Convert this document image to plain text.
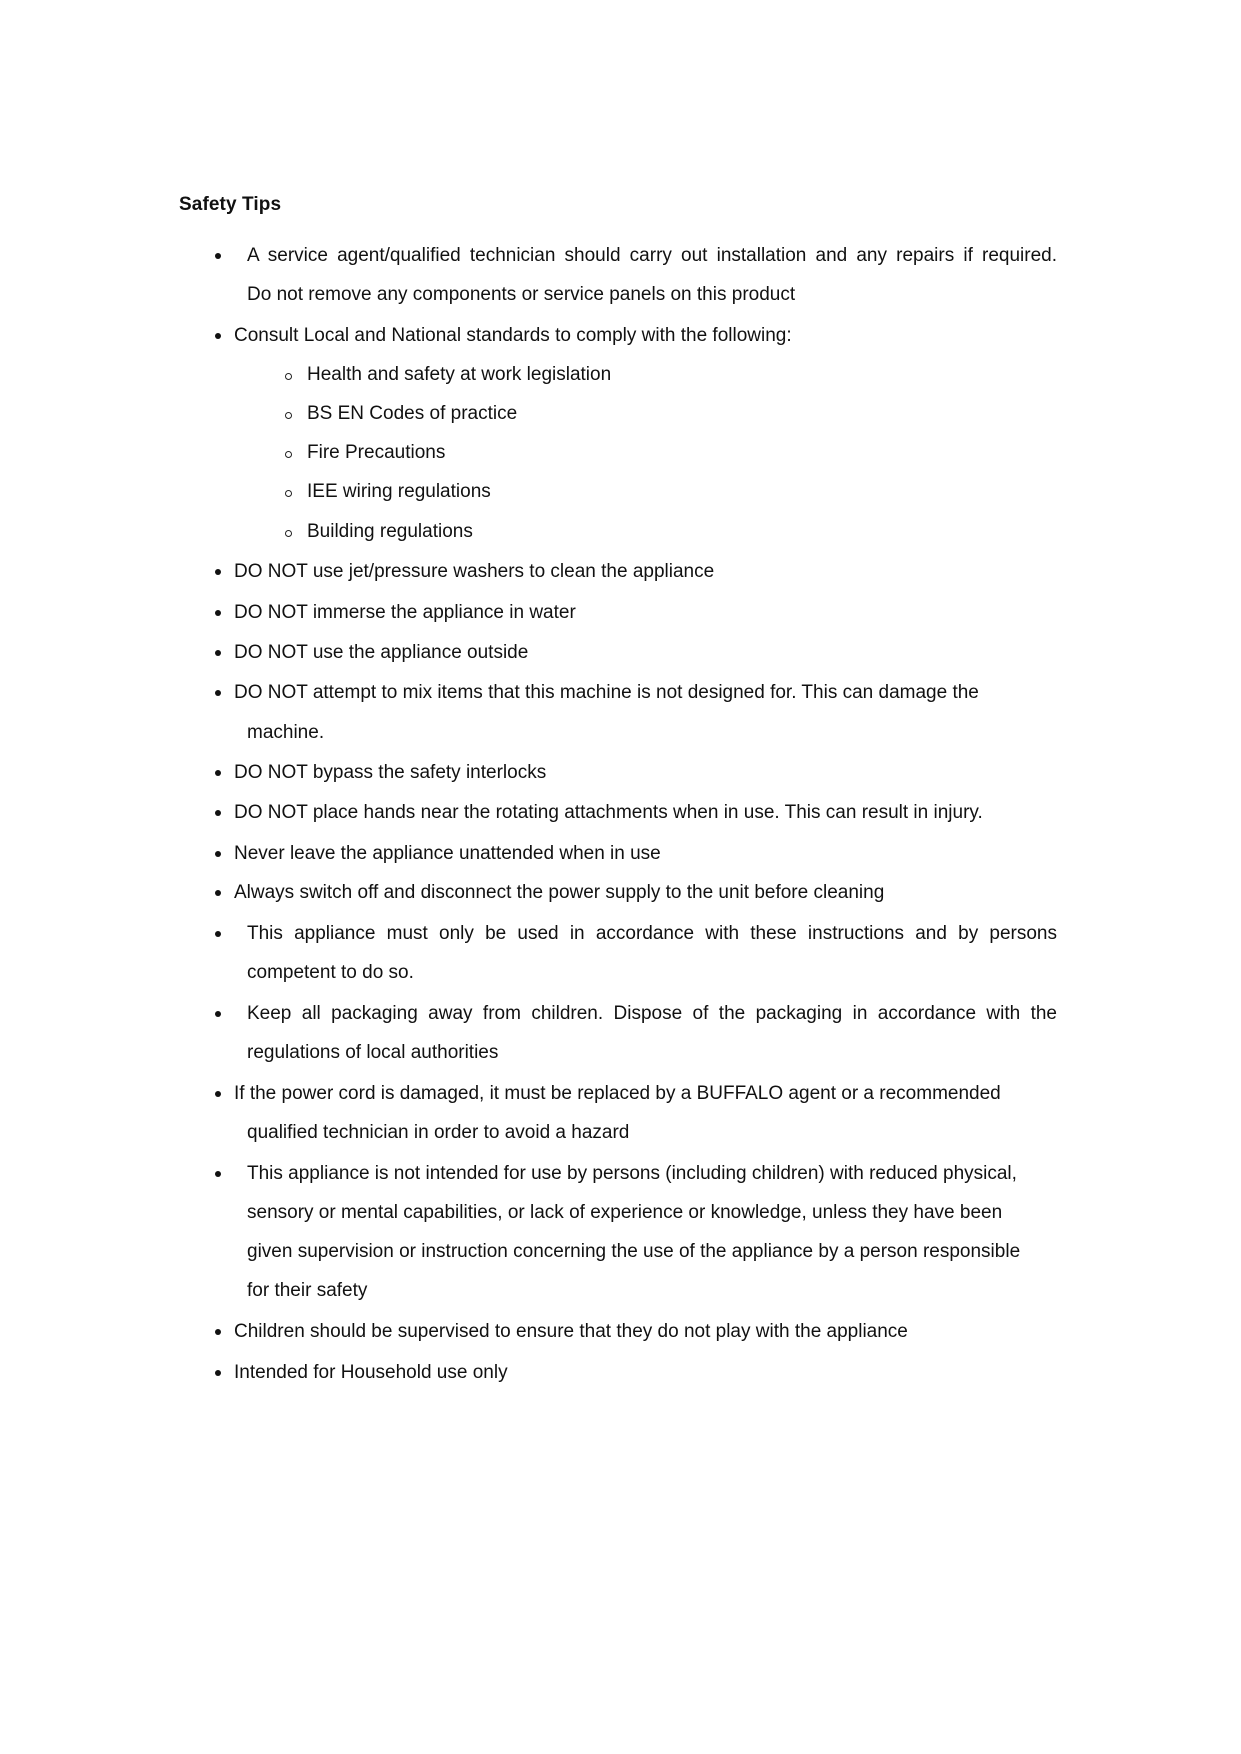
Safety Tips
A service agent/qualified technician should carry out installation and any repairs if required.
Do not remove any components or service panels on this product
Consult Local and National standards to comply with the following:
Health and safety at work legislation
BS EN Codes of practice
Fire Precautions
IEE wiring regulations
Building regulations
DO NOT use jet/pressure washers to clean the appliance
DO NOT immerse the appliance in water
DO NOT use the appliance outside
DO NOT attempt to mix items that this machine is not designed for. This can damage the
machine.
DO NOT bypass the safety interlocks
DO NOT place hands near the rotating attachments when in use. This can result in injury.
Never leave the appliance unattended when in use
Always switch off and disconnect the power supply to the unit before cleaning
This appliance must only be used in accordance with these instructions and by persons
competent to do so.
Keep all packaging away from children. Dispose of the packaging in accordance with the
regulations of local authorities
If the power cord is damaged, it must be replaced by a BUFFALO agent or a recommended
qualified technician in order to avoid a hazard
This appliance is not intended for use by persons (including children) with reduced physical,
sensory or mental capabilities, or lack of experience or knowledge, unless they have been
given supervision or instruction concerning the use of the appliance by a person responsible
for their safety
Children should be supervised to ensure that they do not play with the appliance
Intended for Household use only
